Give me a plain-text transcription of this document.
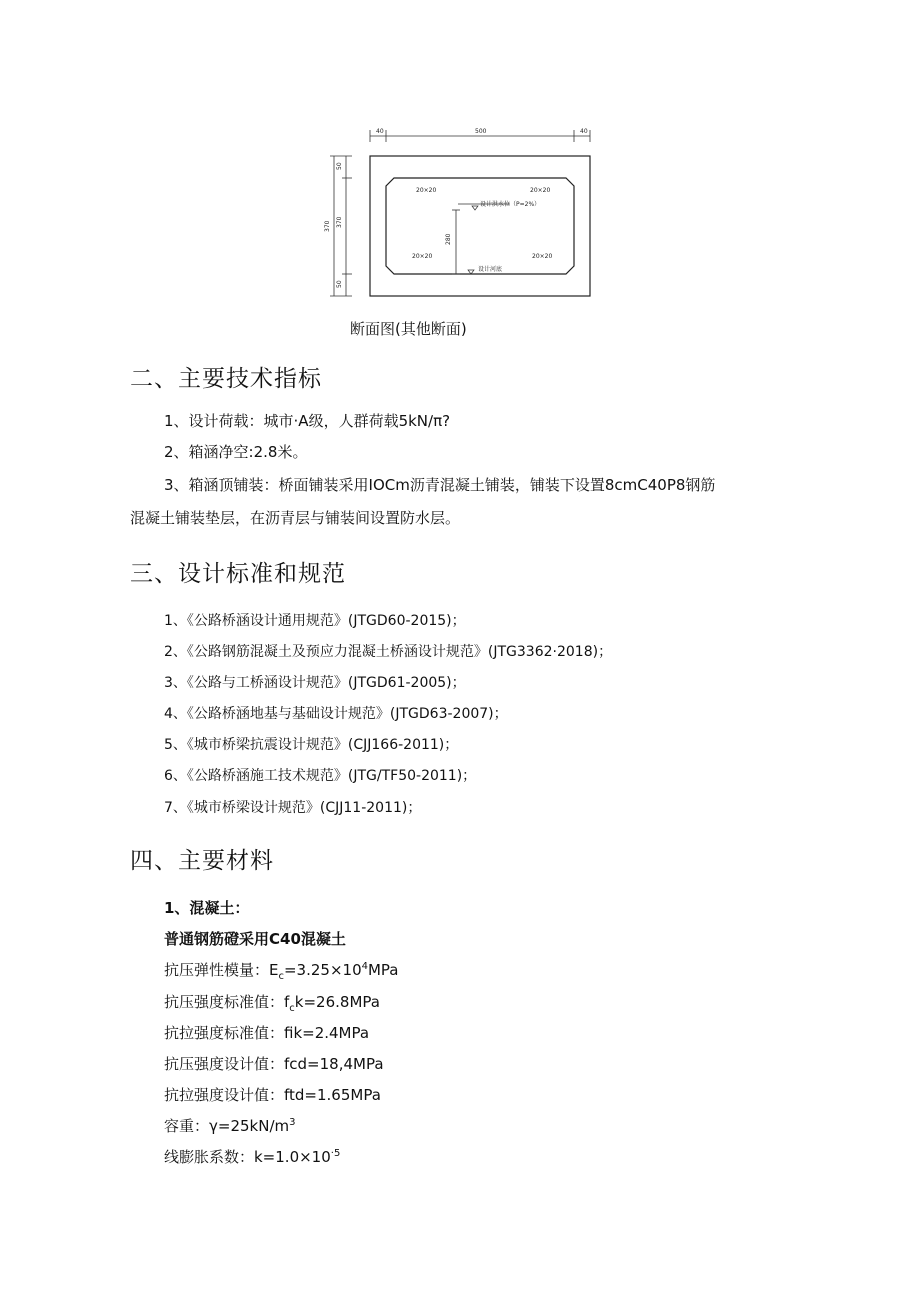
40	500	40
50
370
50
370
20×20	20×20
20×20	20×20
280
设计洪水位（P=2%）
设计河底
断面图(其他断面)
二、主要技术指标
1、设计荷载：城市·A级，人群荷载5kN∕π?
2、箱涵净空:2.8米。
3、箱涵顶铺装：桥面铺装采用IOCm沥青混凝土铺装，铺装下设置8cmC40P8钢筋
混凝土铺装垫层，在沥青层与铺装间设置防水层。
三、设计标准和规范
1、《公路桥涵设计通用规范》(JTGD60-2015)；
2、《公路钢筋混凝土及预应力混凝土桥涵设计规范》(JTG3362·2018)；
3、《公路与工桥涵设计规范》(JTGD61-2005)；
4、《公路桥涵地基与基础设计规范》(JTGD63-2007)；
5、《城市桥梁抗震设计规范》(CJJ166-2011)；
6、《公路桥涵施工技术规范》(JTG/TF50-2011)；
7、《城市桥梁设计规范》(CJJ11-2011)；
四、主要材料
1、混凝土：
普通钢筋磴采用C40混凝土
抗压弹性模量：$E_c=3.25\times 10^4MPa$
抗压强度标准值：$f_ck=26.8MPa$
抗拉强度标准值：fik=2.4MPa
抗压强度设计值：fcd=18,4MPa
抗拉强度设计值：ftd=1.65MPa
容重：$\gamma=25kN∕m^3$
线膨胀系数：$k=1.0\times 10^{\cdot 5}$
